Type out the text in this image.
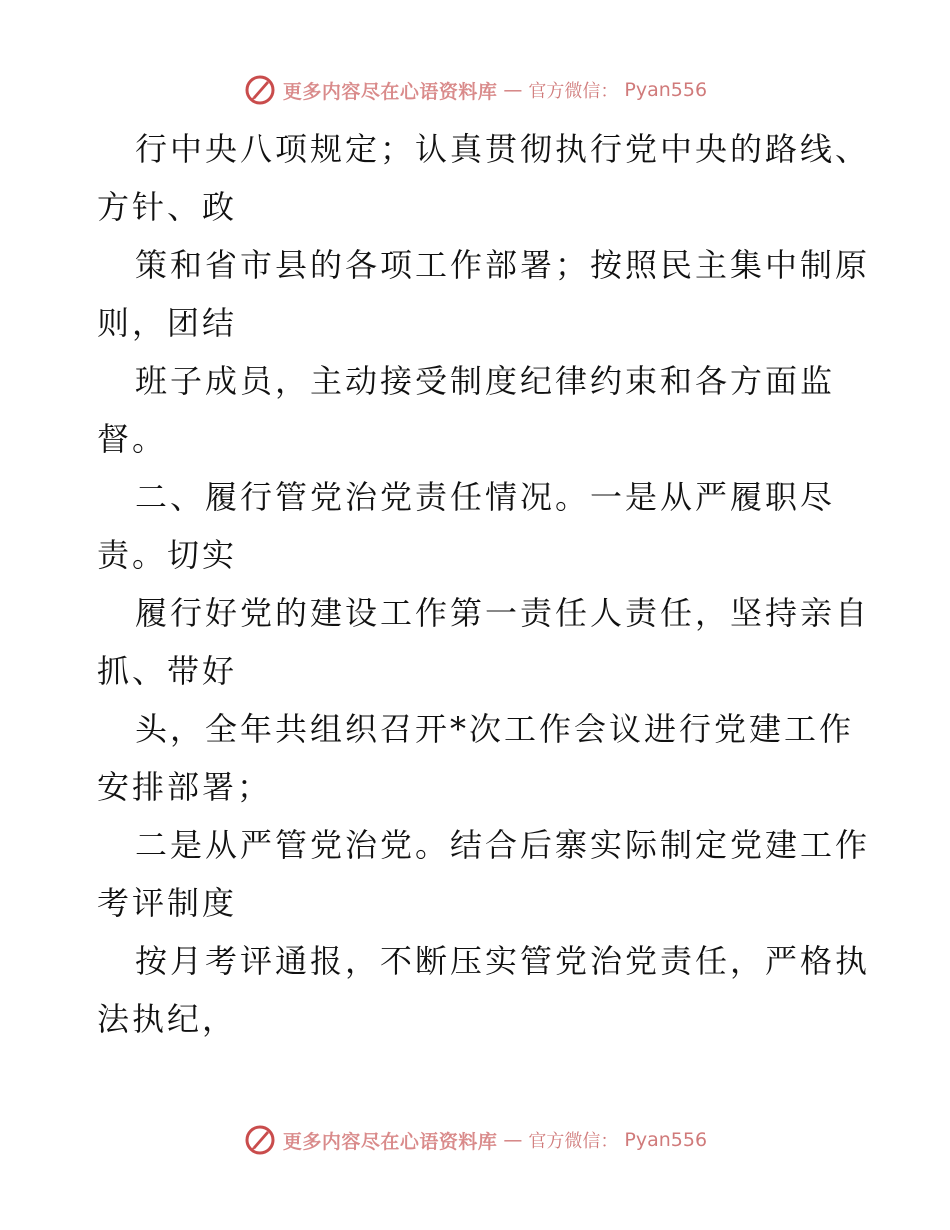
更多内容尽在心语资料库 — 官方微信： Pyan556
行中央八项规定；认真贯彻执行党中央的路线、
方针、政
策和省市县的各项工作部署；按照民主集中制原
则，团结
班子成员，主动接受制度纪律约束和各方面监
督。
二、履行管党治党责任情况。一是从严履职尽
责。切实
履行好党的建设工作第一责任人责任，坚持亲自
抓、带好
头，全年共组织召开*次工作会议进行党建工作
安排部署；
二是从严管党治党。结合后寨实际制定党建工作
考评制度
按月考评通报，不断压实管党治党责任，严格执
法执纪，
更多内容尽在心语资料库 — 官方微信： Pyan556
